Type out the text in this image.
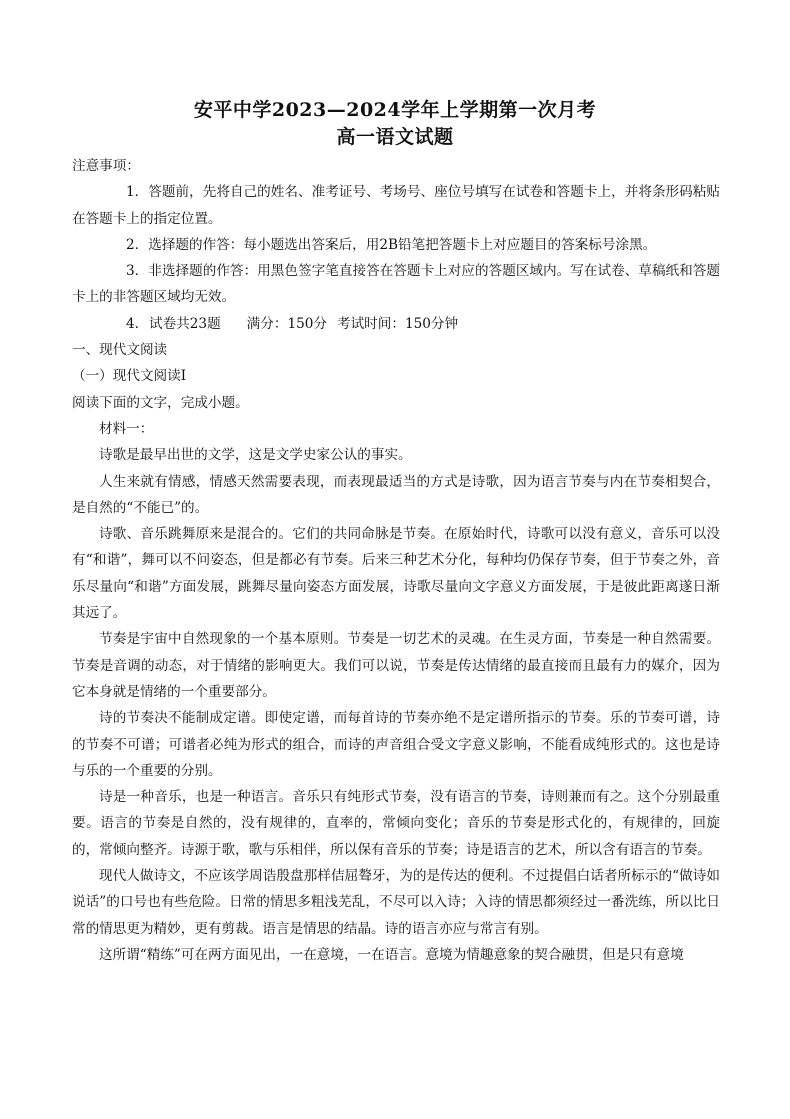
安平中学2023—2024学年上学期第一次月考
高一语文试题

注意事项：

1．答题前，先将自己的姓名、准考证号、考场号、座位号填写在试卷和答题卡上，并将条形码粘贴在答题卡上的指定位置。

2．选择题的作答：每小题选出答案后，用2B铅笔把答题卡上对应题目的答案标号涂黑。

3．非选择题的作答：用黑色签字笔直接答在答题卡上对应的答题区域内。写在试卷、草稿纸和答题卡上的非答题区域均无效。

4. 试卷共23题 满分：150分 考试时间：150分钟

一、现代文阅读

（一）现代文阅读Ⅰ

阅读下面的文字，完成小题。

材料一：

诗歌是最早出世的文学，这是文学史家公认的事实。

人生来就有情感，情感天然需要表现，而表现最适当的方式是诗歌，因为语言节奏与内在节奏相契合，是自然的“不能已”的。

诗歌、音乐跳舞原来是混合的。它们的共同命脉是节奏。在原始时代，诗歌可以没有意义，音乐可以没有“和谐”，舞可以不问姿态，但是都必有节奏。后来三种艺术分化，每种均仍保存节奏，但于节奏之外，音乐尽量向“和谐”方面发展，跳舞尽量向姿态方面发展，诗歌尽量向文字意义方面发展，于是彼此距离遂日渐其远了。

节奏是宇宙中自然现象的一个基本原则。节奏是一切艺术的灵魂。在生灵方面，节奏是一种自然需要。节奏是音调的动态，对于情绪的影响更大。我们可以说，节奏是传达情绪的最直接而且最有力的媒介，因为它本身就是情绪的一个重要部分。

诗的节奏决不能制成定谱。即使定谱，而每首诗的节奏亦绝不是定谱所指示的节奏。乐的节奏可谱，诗的节奏不可谱；可谱者必纯为形式的组合，而诗的声音组合受文字意义影响，不能看成纯形式的。这也是诗与乐的一个重要的分别。

诗是一种音乐，也是一种语言。音乐只有纯形式节奏，没有语言的节奏，诗则兼而有之。这个分别最重要。语言的节奏是自然的，没有规律的，直率的，常倾向变化；音乐的节奏是形式化的，有规律的，回旋的，常倾向整齐。诗源于歌，歌与乐相伴，所以保有音乐的节奏；诗是语言的艺术，所以含有语言的节奏。

现代人做诗文，不应该学周诰殷盘那样佶屈聱牙，为的是传达的便利。不过提倡白话者所标示的“做诗如说话”的口号也有些危险。日常的情思多粗浅芜乱，不尽可以入诗；入诗的情思都须经过一番洗练，所以比日常的情思更为精妙，更有剪裁。语言是情思的结晶。诗的语言亦应与常言有别。

这所谓“精练”可在两方面见出，一在意境，一在语言。意境为情趣意象的契合融贯，但是只有意境
